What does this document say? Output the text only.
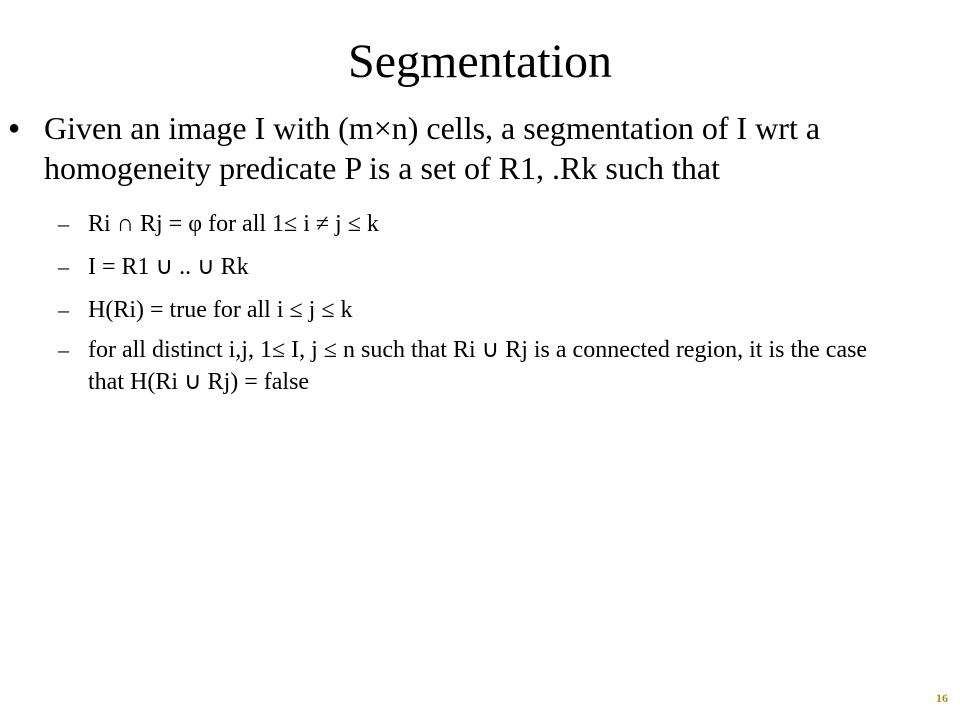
Segmentation
● Given an image I with (m×n) cells, a segmentation of I wrt a homogeneity predicate P is a set of R1, .Rk such that
– Ri ∩ Rj = φ for all 1≤ i ≠ j ≤ k
– I = R1 ∪ .. ∪ Rk
– H(Ri) = true for all i ≤ j ≤ k
– for all distinct i,j, 1≤ I, j ≤ n such that Ri ∪ Rj is a connected region, it is the case that H(Ri ∪ Rj) = false
16
